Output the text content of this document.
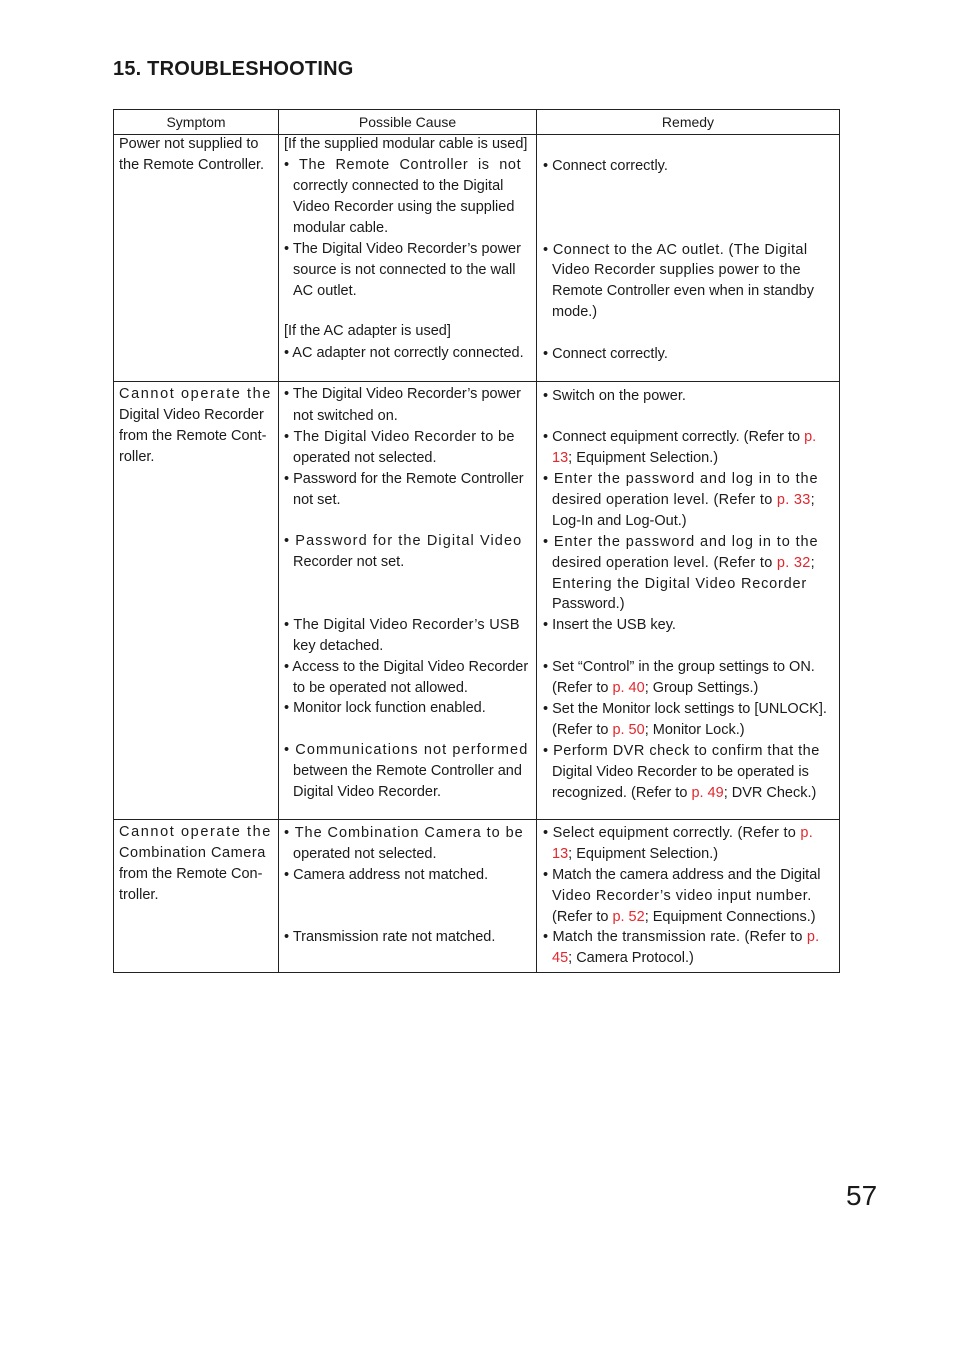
15. TROUBLESHOOTING
Symptom	Possible Cause	Remedy
Power not supplied to
the Remote Controller.
[If the supplied modular cable is used]
• The Remote Controller is not
correctly connected to the Digital
Video Recorder using the supplied
modular cable.
• The Digital Video Recorder’s power
source is not connected to the wall
AC outlet.
[If the AC adapter is used]
• AC adapter not correctly connected.
• Connect correctly.
• Connect to the AC outlet. (The Digital
Video Recorder supplies power to the
Remote Controller even when in standby
mode.)
• Connect correctly.
Cannot operate the
Digital Video Recorder
from the Remote Cont-
roller.
• The Digital Video Recorder’s power
not switched on.
• The Digital Video Recorder to be
operated not selected.
• Password for the Remote Controller
not set.
• Password for the Digital Video
Recorder not set.
• The Digital Video Recorder’s USB
key detached.
• Access to the Digital Video Recorder
to be operated not allowed.
• Monitor lock function enabled.
• Communications not performed
between the Remote Controller and
Digital Video Recorder.
• Switch on the power.
• Connect equipment correctly. (Refer to p.
13; Equipment Selection.)
• Enter the password and log in to the
desired operation level. (Refer to p. 33;
Log-In and Log-Out.)
• Enter the password and log in to the
desired operation level. (Refer to p. 32;
Entering the Digital Video Recorder
Password.)
• Insert the USB key.
• Set “Control” in the group settings to ON.
(Refer to p. 40; Group Settings.)
• Set the Monitor lock settings to [UNLOCK].
(Refer to p. 50; Monitor Lock.)
• Perform DVR check to confirm that the
Digital Video Recorder to be operated is
recognized. (Refer to p. 49; DVR Check.)
Cannot operate the
Combination Camera
from the Remote Con-
troller.
• The Combination Camera to be
operated not selected.
• Camera address not matched.
• Transmission rate not matched.
• Select equipment correctly. (Refer to p.
13; Equipment Selection.)
• Match the camera address and the Digital
Video Recorder’s video input number.
(Refer to p. 52; Equipment Connections.)
• Match the transmission rate. (Refer to p.
45; Camera Protocol.)
57
